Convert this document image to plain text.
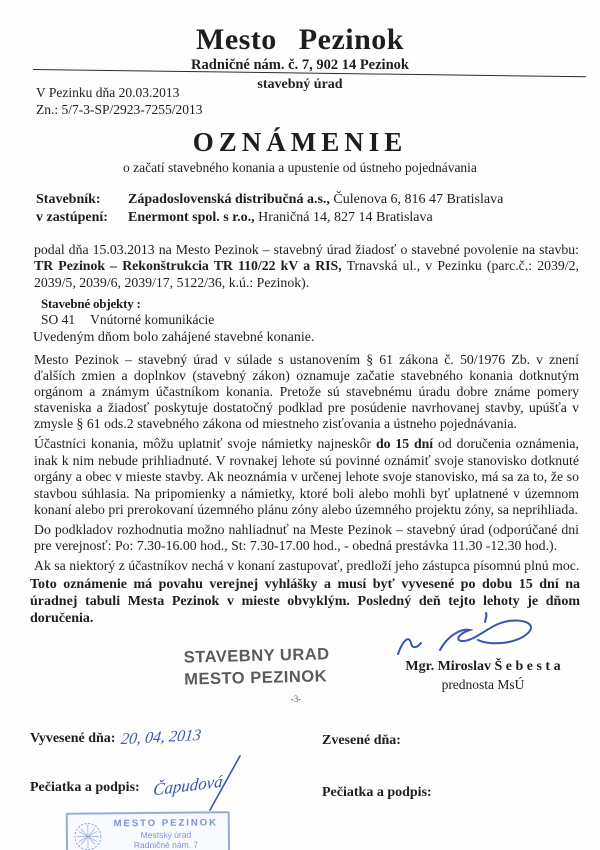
Mesto Pezinok
Radničné nám. č. 7, 902 14 Pezinok
stavebný úrad
V Pezinku dňa 20.03.2013
Zn.: 5/7-3-SP/2923-7255/2013
OZNÁMENIE
o začatí stavebného konania a upustenie od ústneho pojednávania
Stavebník:	Západoslovenská distribučná a.s., Čulenova 6, 816 47 Bratislava
v zastúpení:	Enermont spol. s r.o., Hraničná 14, 827 14 Bratislava
podal dňa 15.03.2013 na Mesto Pezinok – stavebný úrad žiadosť o stavebné povolenie na stavbu: TR Pezinok – Rekonštrukcia TR 110/22 kV a RIS, Trnavská ul., v Pezinku (parc.č.: 2039/2, 2039/5, 2039/6, 2039/17, 5122/36, k.ú.: Pezinok).
Stavebné objekty :
SO 41 Vnútorné komunikácie
Uvedeným dňom bolo zahájené stavebné konanie.
Mesto Pezinok – stavebný úrad v súlade s ustanovením § 61 zákona č. 50/1976 Zb. v znení ďalších zmien a doplnkov (stavebný zákon) oznamuje začatie stavebného konania dotknutým orgánom a známym účastníkom konania. Pretože sú stavebnému úradu dobre známe pomery staveniska a žiadosť poskytuje dostatočný podklad pre posúdenie navrhovanej stavby, upúšťa v zmysle § 61 ods.2 stavebného zákona od miestneho zisťovania a ústneho pojednávania.
Účastníci konania, môžu uplatniť svoje námietky najneskôr do 15 dní od doručenia oznámenia, inak k nim nebude prihliadnuté. V rovnakej lehote sú povinné oznámiť svoje stanovisko dotknuté orgány a obec v mieste stavby. Ak neoznámia v určenej lehote svoje stanovisko, má sa za to, že so stavbou súhlasia. Na pripomienky a námietky, ktoré boli alebo mohli byť uplatnené v územnom konaní alebo pri prerokovaní územného plánu zóny alebo územného projektu zóny, sa neprihliada.
Do podkladov rozhodnutia možno nahliadnuť na Meste Pezinok – stavebný úrad (odporúčané dni pre verejnosť: Po: 7.30-16.00 hod., St: 7.30-17.00 hod., - obedná prestávka 11.30 -12.30 hod.).
Ak sa niektorý z účastníkov nechá v konaní zastupovať, predloží jeho zástupca písomnú plnú moc.
Toto oznámenie má povahu verejnej vyhlášky a musí byť vyvesené po dobu 15 dní na úradnej tabuli Mesta Pezinok v mieste obvyklým. Posledný deň tejto lehoty je dňom doručenia.
STAVEBNY URAD
MESTO PEZINOK
-3-
Mgr. Miroslav Š e b e s t a
prednosta MsÚ
Vyvesené dňa: 20, 04, 2013
Pečiatka a podpis: Čapudová
Zvesené dňa:
Pečiatka a podpis:
MESTO PEZINOK
Mestský úrad
Radničné nám. 7
